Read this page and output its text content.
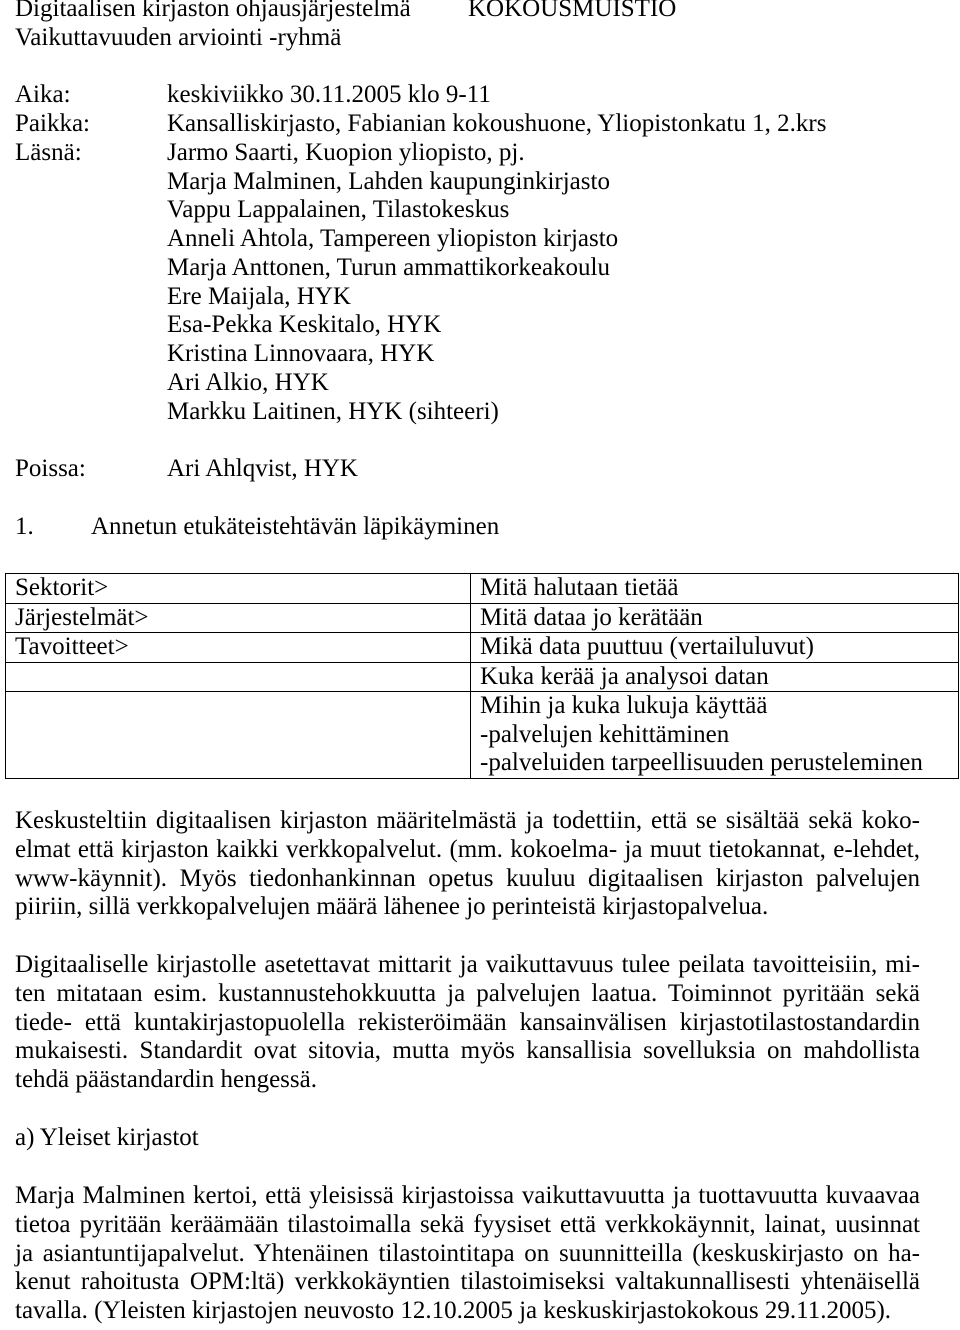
Digitaalisen kirjaston ohjausjärjestelmä KOKOUSMUISTIO
Vaikuttavuuden arviointi -ryhmä
Aika:	keskiviikko 30.11.2005 klo 9-11
Paikka:	Kansalliskirjasto, Fabianian kokoushuone, Yliopistonkatu 1, 2.krs
Läsnä:	Jarmo Saarti, Kuopion yliopisto, pj.
Marja Malminen, Lahden kaupunginkirjasto
Vappu Lappalainen, Tilastokeskus
Anneli Ahtola, Tampereen yliopiston kirjasto
Marja Anttonen, Turun ammattikorkeakoulu
Ere Maijala, HYK
Esa-Pekka Keskitalo, HYK
Kristina Linnovaara, HYK
Ari Alkio, HYK
Markku Laitinen, HYK (sihteeri)
Poissa:	Ari Ahlqvist, HYK
1. Annetun etukäteistehtävän läpikäyminen
Sektorit>	Mitä halutaan tietää
Järjestelmät>	Mitä dataa jo kerätään
Tavoitteet>	Mikä data puuttuu (vertailuluvut)
	Kuka kerää ja analysoi datan

	Mihin ja kuka lukuja käyttää
-palvelujen kehittäminen
-palveluiden tarpeellisuuden perusteleminen
Keskusteltiin digitaalisen kirjaston määritelmästä ja todettiin, että se sisältää sekä koko-
elmat että kirjaston kaikki verkkopalvelut. (mm. kokoelma- ja muut tietokannat, e-lehdet,
www-käynnit). Myös tiedonhankinnan opetus kuuluu digitaalisen kirjaston palvelujen
piiriin, sillä verkkopalvelujen määrä lähenee jo perinteistä kirjastopalvelua.
Digitaaliselle kirjastolle asetettavat mittarit ja vaikuttavuus tulee peilata tavoitteisiin, mi-
ten mitataan esim. kustannustehokkuutta ja palvelujen laatua. Toiminnot pyritään sekä
tiede- että kuntakirjastopuolella rekisteröimään kansainvälisen kirjastotilastostandardin
mukaisesti. Standardit ovat sitovia, mutta myös kansallisia sovelluksia on mahdollista
tehdä päästandardin hengessä.
a) Yleiset kirjastot
Marja Malminen kertoi, että yleisissä kirjastoissa vaikuttavuutta ja tuottavuutta kuvaavaa
tietoa pyritään keräämään tilastoimalla sekä fyysiset että verkkokäynnit, lainat, uusinnat
ja asiantuntijapalvelut. Yhtenäinen tilastointitapa on suunnitteilla (keskuskirjasto on ha-
kenut rahoitusta OPM:ltä) verkkokäyntien tilastoimiseksi valtakunnallisesti yhtenäisellä
tavalla. (Yleisten kirjastojen neuvosto 12.10.2005 ja keskuskirjastokokous 29.11.2005).
